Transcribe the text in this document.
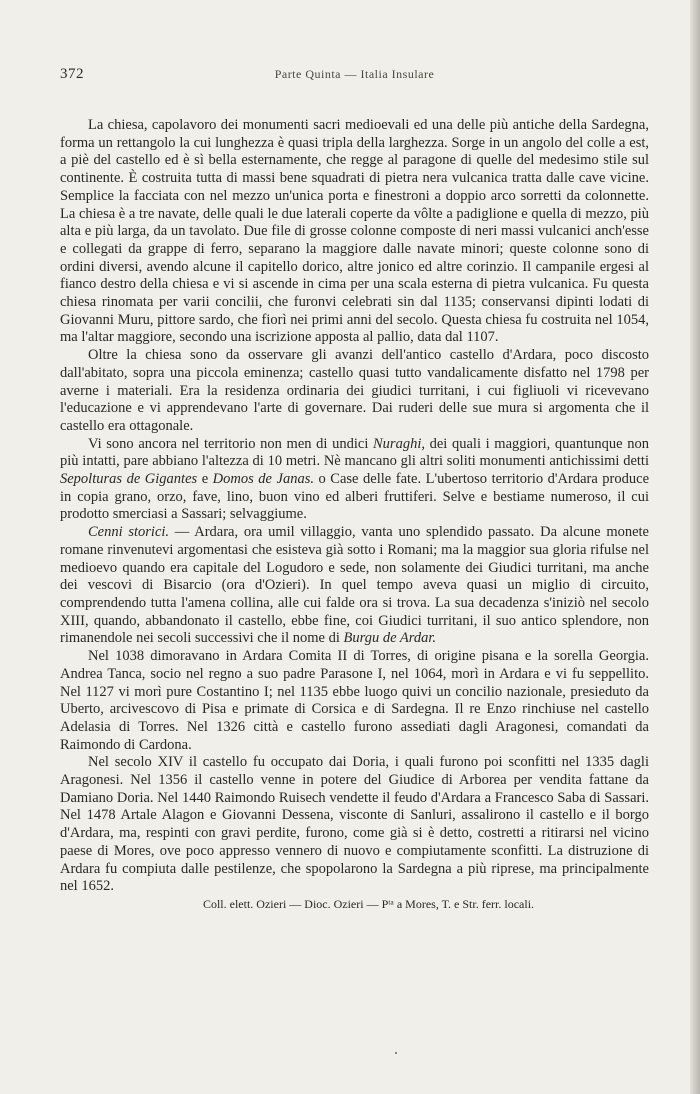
372	Parte Quinta — Italia Insulare

La chiesa, capolavoro dei monumenti sacri medioevali ed una delle più antiche della Sardegna, forma un rettangolo la cui lunghezza è quasi tripla della larghezza. Sorge in un angolo del colle a est, a piè del castello ed è sì bella esternamente, che regge al paragone di quelle del medesimo stile sul continente. È costruita tutta di massi bene squadrati di pietra nera vulcanica tratta dalle cave vicine. Semplice la facciata con nel mezzo un'unica porta e finestroni a doppio arco sorretti da colonnette. La chiesa è a tre navate, delle quali le due laterali coperte da vôlte a padiglione e quella di mezzo, più alta e più larga, da un tavolato. Due file di grosse colonne composte di neri massi vulcanici anch'esse e collegati da grappe di ferro, separano la maggiore dalle navate minori; queste colonne sono di ordini diversi, avendo alcune il capitello dorico, altre jonico ed altre corinzio. Il campanile ergesi al fianco destro della chiesa e vi si ascende in cima per una scala esterna di pietra vulcanica. Fu questa chiesa rinomata per varii concilii, che furonvi celebrati sin dal 1135; conservansi dipinti lodati di Giovanni Muru, pittore sardo, che fiorì nei primi anni del secolo. Questa chiesa fu costruita nel 1054, ma l'altar maggiore, secondo una iscrizione apposta al pallio, data dal 1107.

Oltre la chiesa sono da osservare gli avanzi dell'antico castello d'Ardara, poco discosto dall'abitato, sopra una piccola eminenza; castello quasi tutto vandalicamente disfatto nel 1798 per averne i materiali. Era la residenza ordinaria dei giudici turritani, i cui figliuoli vi ricevevano l'educazione e vi apprendevano l'arte di governare. Dai ruderi delle sue mura si argomenta che il castello era ottagonale.

Vi sono ancora nel territorio non men di undici Nuraghi, dei quali i maggiori, quantunque non più intatti, pare abbiano l'altezza di 10 metri. Nè mancano gli altri soliti monumenti antichissimi detti Sepolturas de Gigantes e Domos de Janas. o Case delle fate. L'ubertoso territorio d'Ardara produce in copia grano, orzo, fave, lino, buon vino ed alberi fruttiferi. Selve e bestiame numeroso, il cui prodotto smerciasi a Sassari; selvaggiume.

Cenni storici. — Ardara, ora umil villaggio, vanta uno splendido passato. Da alcune monete romane rinvenutevi argomentasi che esisteva già sotto i Romani; ma la maggior sua gloria rifulse nel medioevo quando era capitale del Logudoro e sede, non solamente dei Giudici turritani, ma anche dei vescovi di Bisarcio (ora d'Ozieri). In quel tempo aveva quasi un miglio di circuito, comprendendo tutta l'amena collina, alle cui falde ora si trova. La sua decadenza s'iniziò nel secolo XIII, quando, abbandonato il castello, ebbe fine, coi Giudici turritani, il suo antico splendore, non rimanendole nei secoli successivi che il nome di Burgu de Ardar.

Nel 1038 dimoravano in Ardara Comita II di Torres, di origine pisana e la sorella Georgia. Andrea Tanca, socio nel regno a suo padre Parasone I, nel 1064, morì in Ardara e vi fu seppellito. Nel 1127 vi morì pure Costantino I; nel 1135 ebbe luogo quivi un concilio nazionale, presieduto da Uberto, arcivescovo di Pisa e primate di Corsica e di Sardegna. Il re Enzo rinchiuse nel castello Adelasia di Torres. Nel 1326 città e castello furono assediati dagli Aragonesi, comandati da Raimondo di Cardona.

Nel secolo XIV il castello fu occupato dai Doria, i quali furono poi sconfitti nel 1335 dagli Aragonesi. Nel 1356 il castello venne in potere del Giudice di Arborea per vendita fattane da Damiano Doria. Nel 1440 Raimondo Ruisech vendette il feudo d'Ardara a Francesco Saba di Sassari. Nel 1478 Artale Alagon e Giovanni Dessena, visconte di Sanluri, assalirono il castello e il borgo d'Ardara, ma, respinti con gravi perdite, furono, come già si è detto, costretti a ritirarsi nel vicino paese di Mores, ove poco appresso vennero di nuovo e compiutamente sconfitti. La distruzione di Ardara fu compiuta dalle pestilenze, che spopolarono la Sardegna a più riprese, ma principalmente nel 1652.

Coll. elett. Ozieri — Dioc. Ozieri — Pᵗᵃ a Mores, T. e Str. ferr. locali.
